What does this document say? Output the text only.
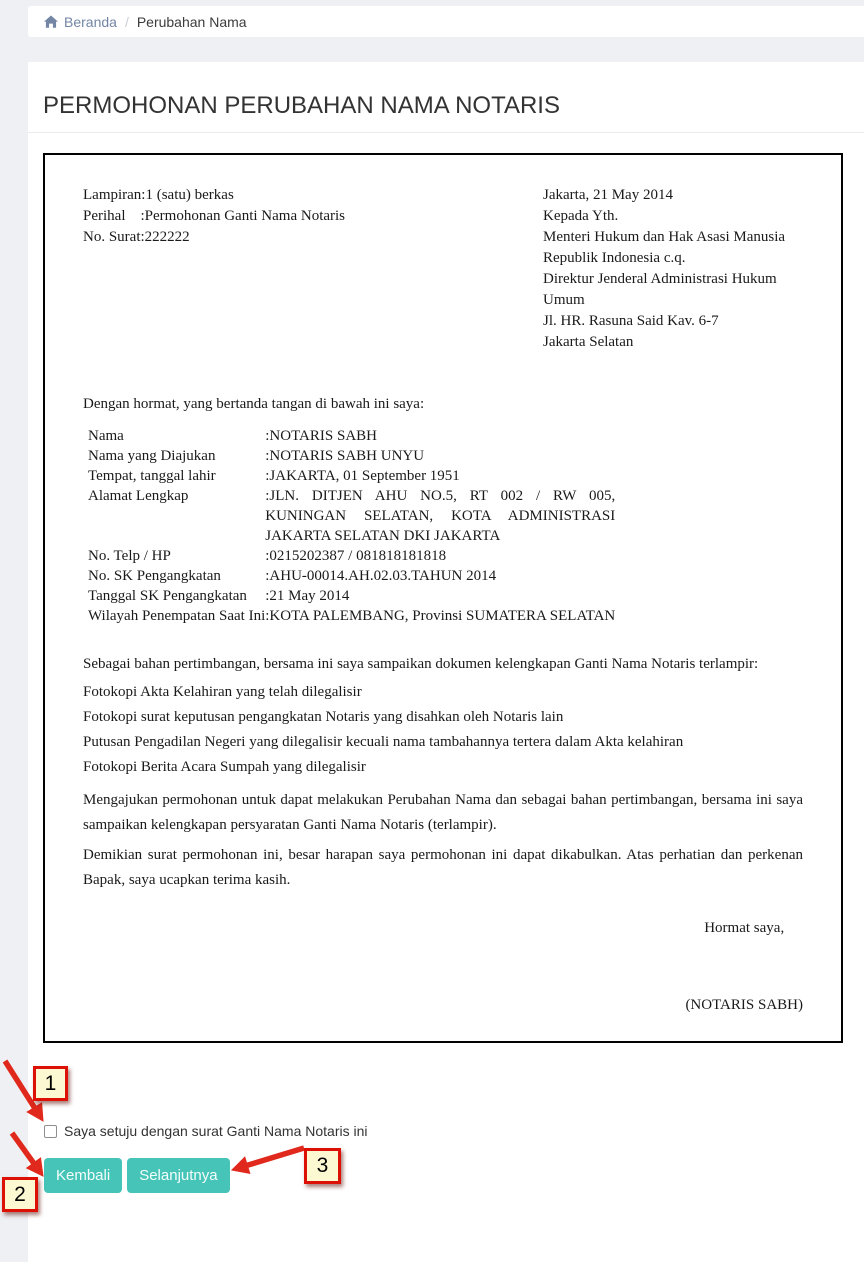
Beranda / Perubahan Nama
PERMOHONAN PERUBAHAN NAMA NOTARIS
Lampiran:1 (satu) berkas
Perihal    :Permohonan Ganti Nama Notaris
No. Surat:222222
Jakarta, 21 May 2014
Kepada Yth.
Menteri Hukum dan Hak Asasi Manusia
Republik Indonesia c.q.
Direktur Jenderal Administrasi Hukum Umum
Jl. HR. Rasuna Said Kav. 6-7
Jakarta Selatan

Dengan hormat, yang bertanda tangan di bawah ini saya:

Nama	:NOTARIS SABH
Nama yang Diajukan	:NOTARIS SABH UNYU
Tempat, tanggal lahir	:JAKARTA, 01 September 1951
Alamat Lengkap	:JLN. DITJEN AHU NO.5, RT 002 / RW 005, KUNINGAN SELATAN, KOTA ADMINISTRASI JAKARTA SELATAN DKI JAKARTA
No. Telp / HP	:0215202387 / 081818181818
No. SK Pengangkatan	:AHU-00014.AH.02.03.TAHUN 2014
Tanggal SK Pengangkatan	:21 May 2014
Wilayah Penempatan Saat Ini	:KOTA PALEMBANG, Provinsi SUMATERA SELATAN

Sebagai bahan pertimbangan, bersama ini saya sampaikan dokumen kelengkapan Ganti Nama Notaris terlampir:

Fotokopi Akta Kelahiran yang telah dilegalisir
Fotokopi surat keputusan pengangkatan Notaris yang disahkan oleh Notaris lain
Putusan Pengadilan Negeri yang dilegalisir kecuali nama tambahannya tertera dalam Akta kelahiran
Fotokopi Berita Acara Sumpah yang dilegalisir

Mengajukan permohonan untuk dapat melakukan Perubahan Nama dan sebagai bahan pertimbangan, bersama ini saya sampaikan kelengkapan persyaratan Ganti Nama Notaris (terlampir).

Demikian surat permohonan ini, besar harapan saya permohonan ini dapat dikabulkan. Atas perhatian dan perkenan Bapak, saya ucapkan terima kasih.

Hormat saya,
(NOTARIS SABH)
Saya setuju dengan surat Ganti Nama Notaris ini
Kembali	Selanjutnya
1
2
3
